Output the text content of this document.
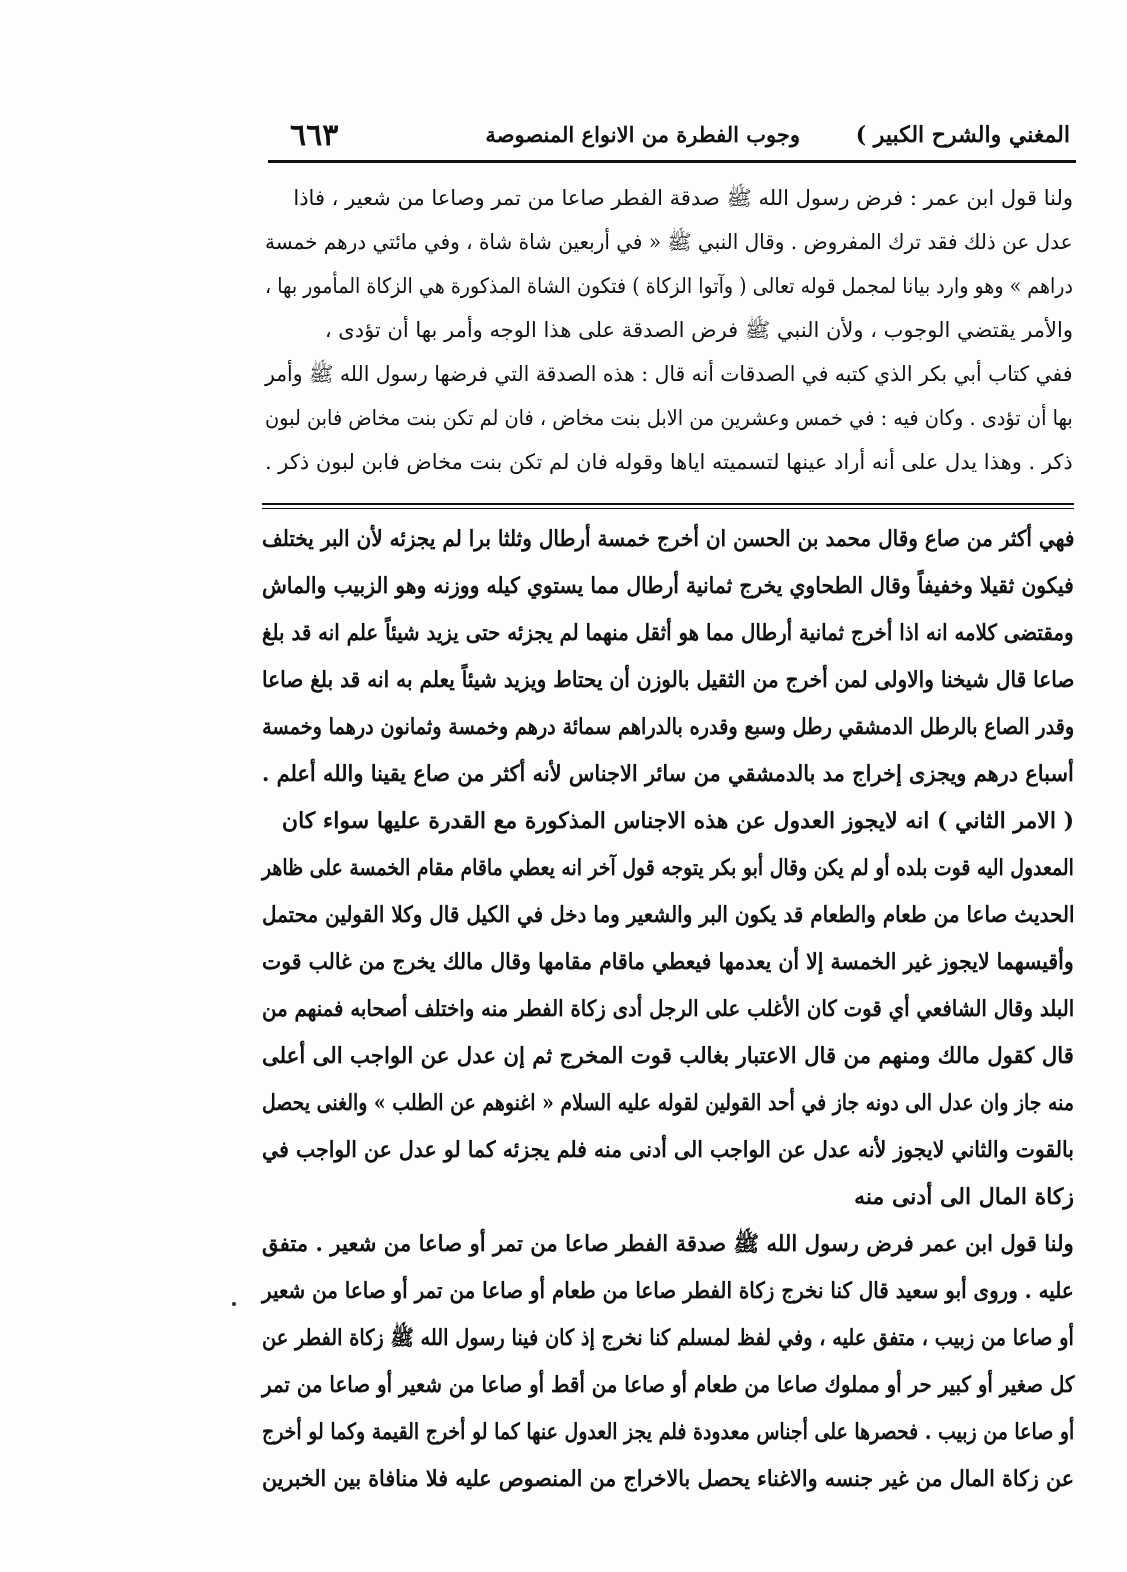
المغني والشرح الكبير )
وجوب الفطرة من الانواع المنصوصة
٦٦٣
ولنا قول ابن عمر : فرض رسول الله ﷺ صدقة الفطر صاعا من تمر وصاعا من شعير ، فاذا
عدل عن ذلك فقد ترك المفروض . وقال النبي ﷺ « في أربعين شاة شاة ، وفي مائتي درهم خمسة
دراهم » وهو وارد بيانا لمجمل قوله تعالى ( وآتوا الزكاة ) فتكون الشاة المذكورة هي الزكاة المأمور بها ،
والأمر يقتضي الوجوب ، ولأن النبي ﷺ فرض الصدقة على هذا الوجه وأمر بها أن تؤدى ،
ففي كتاب أبي بكر الذي كتبه في الصدقات أنه قال : هذه الصدقة التي فرضها رسول الله ﷺ وأمر
بها أن تؤدى . وكان فيه : في خمس وعشرين من الابل بنت مخاض ، فان لم تكن بنت مخاض فابن لبون
ذكر . وهذا يدل على أنه أراد عينها لتسميته اياها وقوله فان لم تكن بنت مخاض فابن لبون ذكر .
فهي أكثر من صاع وقال محمد بن الحسن ان أخرج خمسة أرطال وثلثا برا لم يجزئه لأن البر يختلف
فيكون ثقيلا وخفيفاً وقال الطحاوي يخرج ثمانية أرطال مما يستوي كيله ووزنه وهو الزبيب والماش
ومقتضى كلامه انه اذا أخرج ثمانية أرطال مما هو أثقل منهما لم يجزئه حتى يزيد شيئاً علم انه قد بلغ
صاعا قال شيخنا والاولى لمن أخرج من الثقيل بالوزن أن يحتاط ويزيد شيئاً يعلم به انه قد بلغ صاعا
وقدر الصاع بالرطل الدمشقي رطل وسبع وقدره بالدراهم سمائة درهم وخمسة وثمانون درهما وخمسة
أسباع درهم ويجزى إخراج مد بالدمشقي من سائر الاجناس لأنه أكثر من صاع يقينا والله أعلم .
( الامر الثاني ) انه لايجوز العدول عن هذه الاجناس المذكورة مع القدرة عليها سواء كان
المعدول اليه قوت بلده أو لم يكن وقال أبو بكر يتوجه قول آخر انه يعطي ماقام مقام الخمسة على ظاهر
الحديث صاعا من طعام والطعام قد يكون البر والشعير وما دخل في الكيل قال وكلا القولين محتمل
وأقيسهما لايجوز غير الخمسة إلا أن يعدمها فيعطي ماقام مقامها وقال مالك يخرج من غالب قوت
البلد وقال الشافعي أي قوت كان الأغلب على الرجل أدى زكاة الفطر منه واختلف أصحابه فمنهم من
قال كقول مالك ومنهم من قال الاعتبار بغالب قوت المخرج ثم إن عدل عن الواجب الى أعلى
منه جاز وان عدل الى دونه جاز في أحد القولين لقوله عليه السلام « اغنوهم عن الطلب » والغنى يحصل
بالقوت والثاني لايجوز لأنه عدل عن الواجب الى أدنى منه فلم يجزئه كما لو عدل عن الواجب في
زكاة المال الى أدنى منه
ولنا قول ابن عمر فرض رسول الله ﷺ صدقة الفطر صاعا من تمر أو صاعا من شعير . متفق
عليه . وروى أبو سعيد قال كنا نخرج زكاة الفطر صاعا من طعام أو صاعا من تمر أو صاعا من شعير
أو صاعا من زبيب ، متفق عليه ، وفي لفظ لمسلم كنا نخرج إذ كان فينا رسول الله ﷺ زكاة الفطر عن
كل صغير أو كبير حر أو مملوك صاعا من طعام أو صاعا من أقط أو صاعا من شعير أو صاعا من تمر
أو صاعا من زبيب . فحصرها على أجناس معدودة فلم يجز العدول عنها كما لو أخرج القيمة وكما لو أخرج
عن زكاة المال من غير جنسه والاغناء يحصل بالاخراج من المنصوص عليه فلا منافاة بين الخبرين
